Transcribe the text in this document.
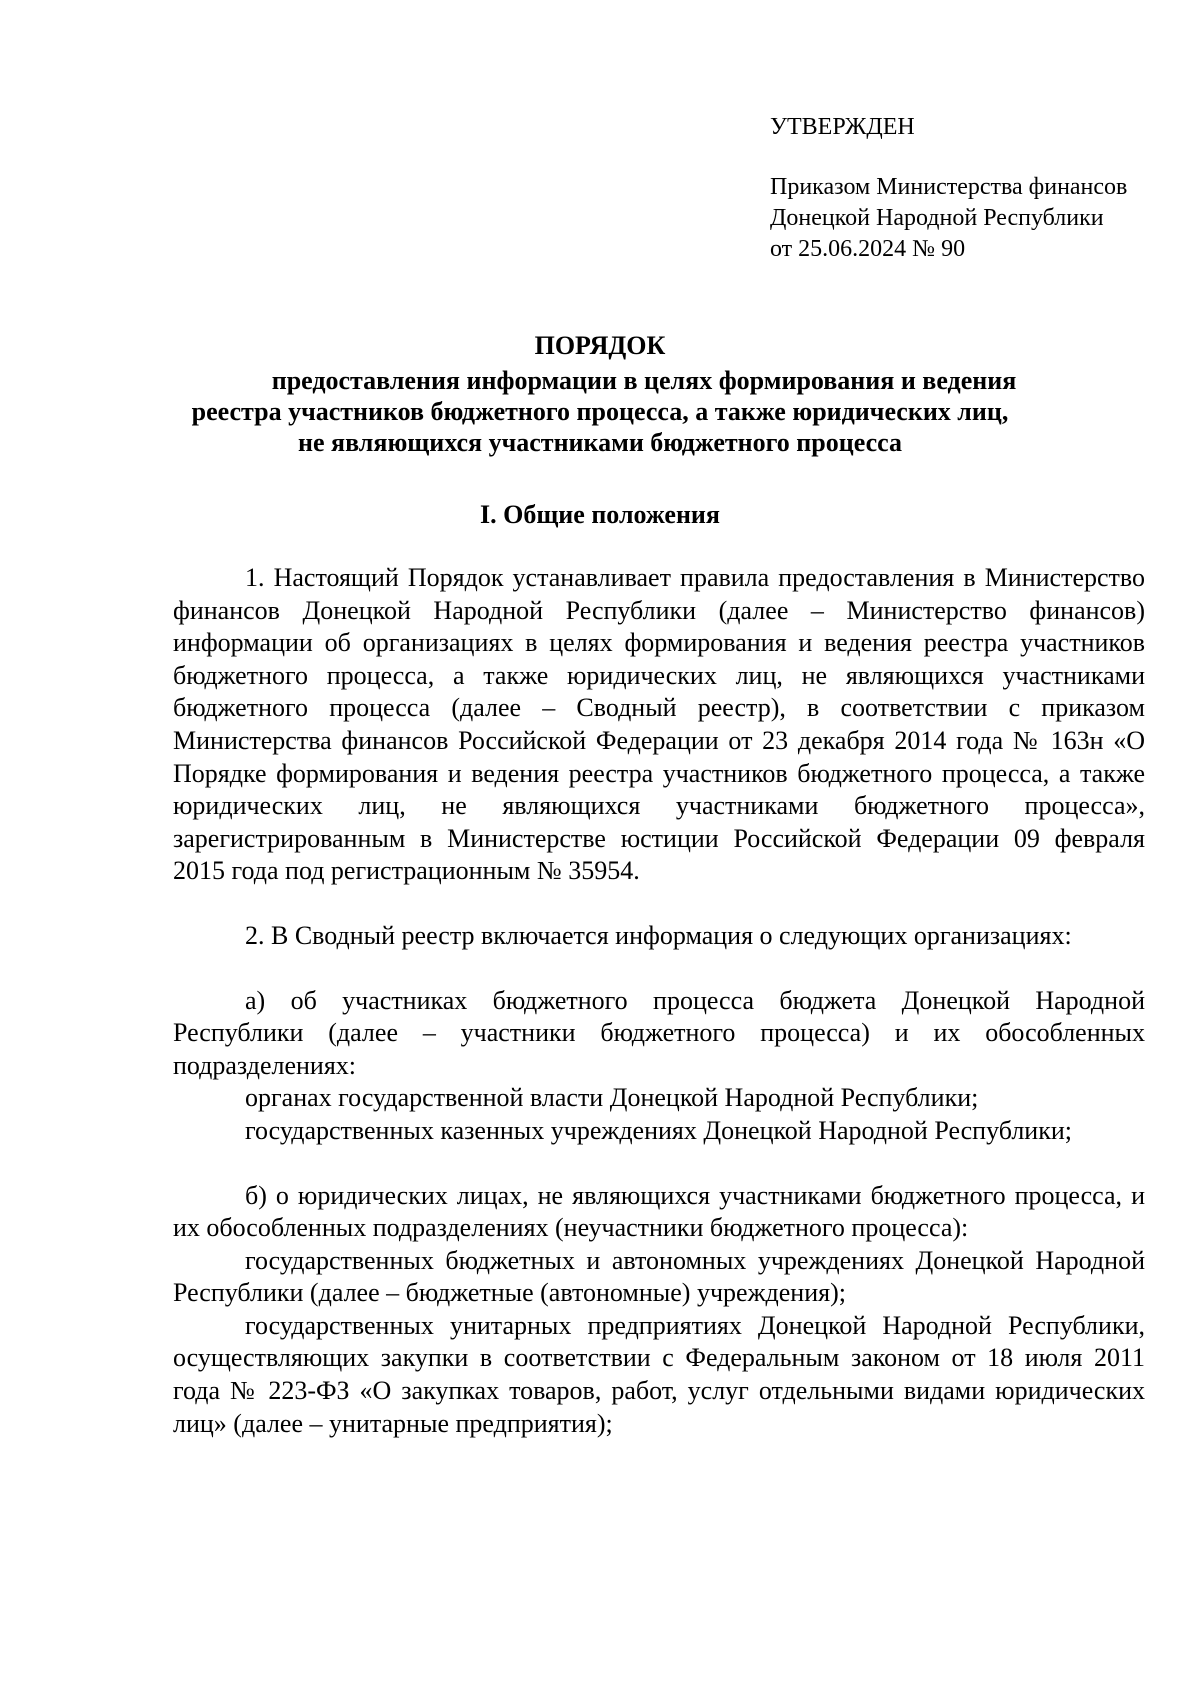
УТВЕРЖДЕН
Приказом Министерства финансов
Донецкой Народной Республики
от 25.06.2024 № 90
ПОРЯДОК
предоставления информации в целях формирования и ведения
реестра участников бюджетного процесса, а также юридических лиц,
не являющихся участниками бюджетного процесса
I. Общие положения

1. Настоящий Порядок устанавливает правила предоставления в Министерство финансов Донецкой Народной Республики (далее – Министерство финансов) информации об организациях в целях формирования и ведения реестра участников бюджетного процесса, а также юридических лиц, не являющихся участниками бюджетного процесса (далее – Сводный реестр), в соответствии с приказом Министерства финансов Российской Федерации от 23 декабря 2014 года № 163н «О Порядке формирования и ведения реестра участников бюджетного процесса, а также юридических лиц, не являющихся участниками бюджетного процесса», зарегистрированным в Министерстве юстиции Российской Федерации 09 февраля 2015 года под регистрационным № 35954.

2. В Сводный реестр включается информация о следующих организациях:

а) об участниках бюджетного процесса бюджета Донецкой Народной Республики (далее – участники бюджетного процесса) и их обособленных подразделениях:

органах государственной власти Донецкой Народной Республики;

государственных казенных учреждениях Донецкой Народной Республики;

б) о юридических лицах, не являющихся участниками бюджетного процесса, и их обособленных подразделениях (неучастники бюджетного процесса):

государственных бюджетных и автономных учреждениях Донецкой Народной Республики (далее – бюджетные (автономные) учреждения);

государственных унитарных предприятиях Донецкой Народной Республики, осуществляющих закупки в соответствии с Федеральным законом от 18 июля 2011 года № 223-ФЗ «О закупках товаров, работ, услуг отдельными видами юридических лиц» (далее – унитарные предприятия);
